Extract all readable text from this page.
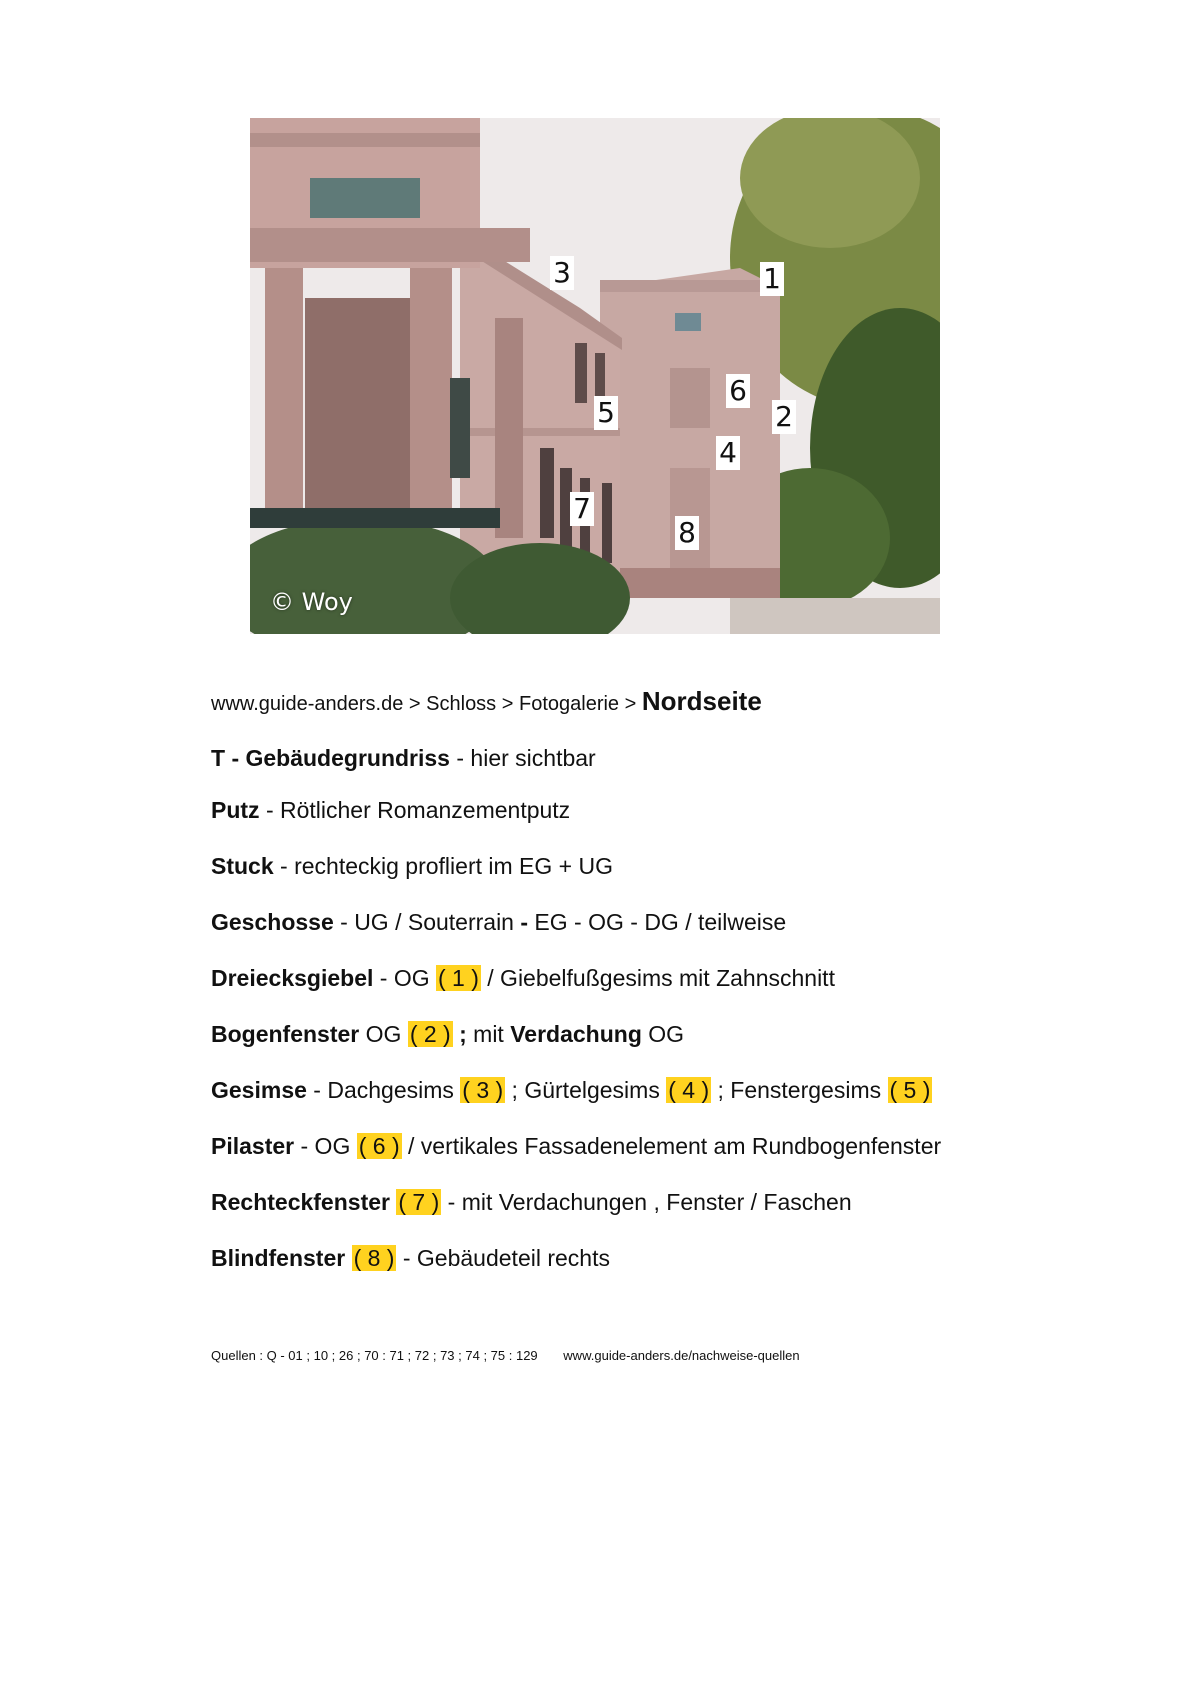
3	1
6
2
5
4
7
8
© Woy
www.guide-anders.de > Schloss > Fotogalerie > Nordseite
T - Gebäudegrundriss - hier sichtbar
Putz - Rötlicher Romanzementputz
Stuck - rechteckig profliert im EG + UG
Geschosse - UG / Souterrain - EG - OG - DG / teilweise
Dreiecksgiebel - OG ( 1 ) / Giebelfußgesims mit Zahnschnitt
Bogenfenster OG ( 2 ) ; mit Verdachung OG
Gesimse - Dachgesims ( 3 ) ; Gürtelgesims ( 4 ) ; Fenstergesims ( 5 )
Pilaster - OG ( 6 ) / vertikales Fassadenelement am Rundbogenfenster
Rechteckfenster ( 7 ) - mit Verdachungen , Fenster / Faschen
Blindfenster ( 8 ) - Gebäudeteil rechts
Quellen : Q - 01 ; 10 ; 26 ; 70 : 71 ; 72 ; 73 ; 74 ; 75 : 129 www.guide-anders.de/nachweise-quellen
